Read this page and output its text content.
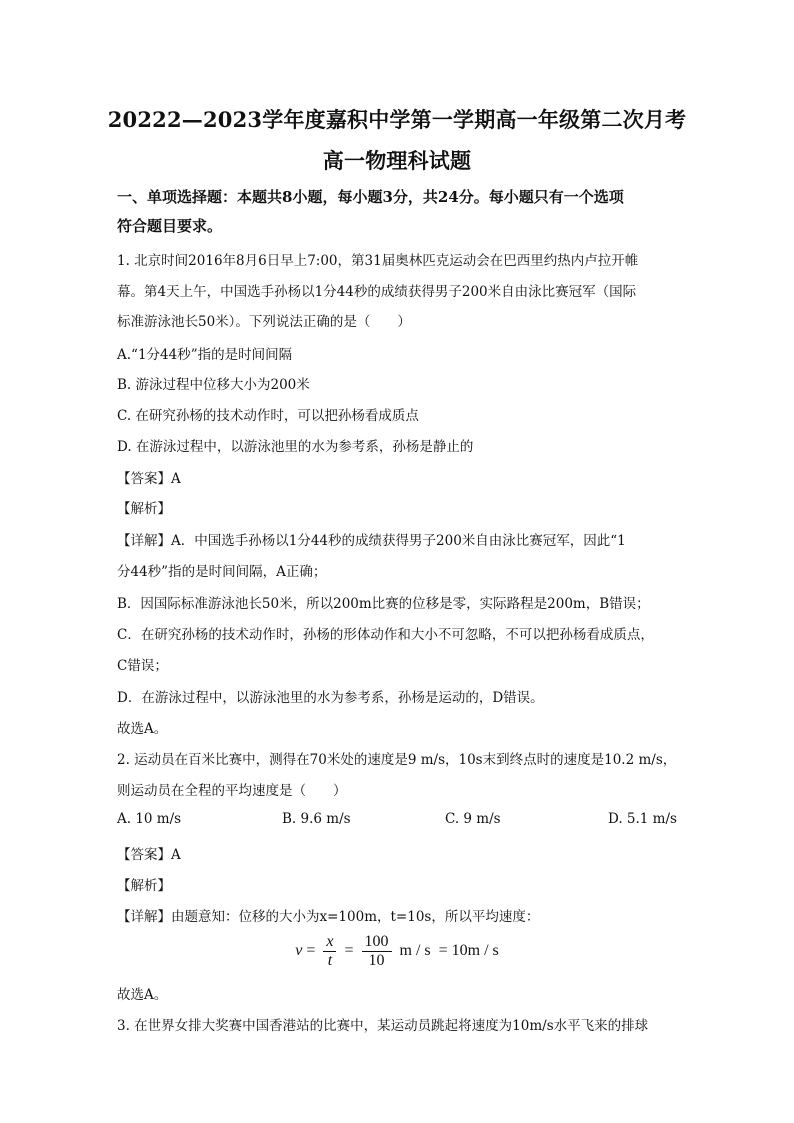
20222—2023学年度嘉积中学第一学期高一年级第二次月考
高一物理科试题
一、单项选择题：本题共8小题，每小题3分，共24分。每小题只有一个选项
符合题目要求。
1. 北京时间2016年8月6日早上7:00，第31届奥林匹克运动会在巴西里约热内卢拉开帷
幕。第4天上午，中国选手孙杨以1分44秒的成绩获得男子200米自由泳比赛冠军（国际
标准游泳池长50米）。下列说法正确的是（　　）
A.“1分44秒”指的是时间间隔
B. 游泳过程中位移大小为200米
C. 在研究孙杨的技术动作时，可以把孙杨看成质点
D. 在游泳过程中，以游泳池里的水为参考系，孙杨是静止的
【答案】A
【解析】
【详解】A．中国选手孙杨以1分44秒的成绩获得男子200米自由泳比赛冠军，因此“1
分44秒”指的是时间间隔，A正确；
B．因国际标准游泳池长50米，所以200m比赛的位移是零，实际路程是200m，B错误；
C．在研究孙杨的技术动作时，孙杨的形体动作和大小不可忽略，不可以把孙杨看成质点，
C错误；
D．在游泳过程中，以游泳池里的水为参考系，孙杨是运动的，D错误。
故选A。
2. 运动员在百米比赛中，测得在70米处的速度是9 m/s，10s末到终点时的速度是10.2 m/s，
则运动员在全程的平均速度是（　　）
A. 10 m/s	B. 9.6 m/s	C. 9 m/s	D. 5.1 m/s
【答案】A
【解析】
【详解】由题意知：位移的大小为x=100m，t=10s，所以平均速度：
$v = \frac{x}{t} = \frac{100}{10}$ m / s = 10m / s
故选A。
3. 在世界女排大奖赛中国香港站的比赛中，某运动员跳起将速度为10m/s水平飞来的排球
